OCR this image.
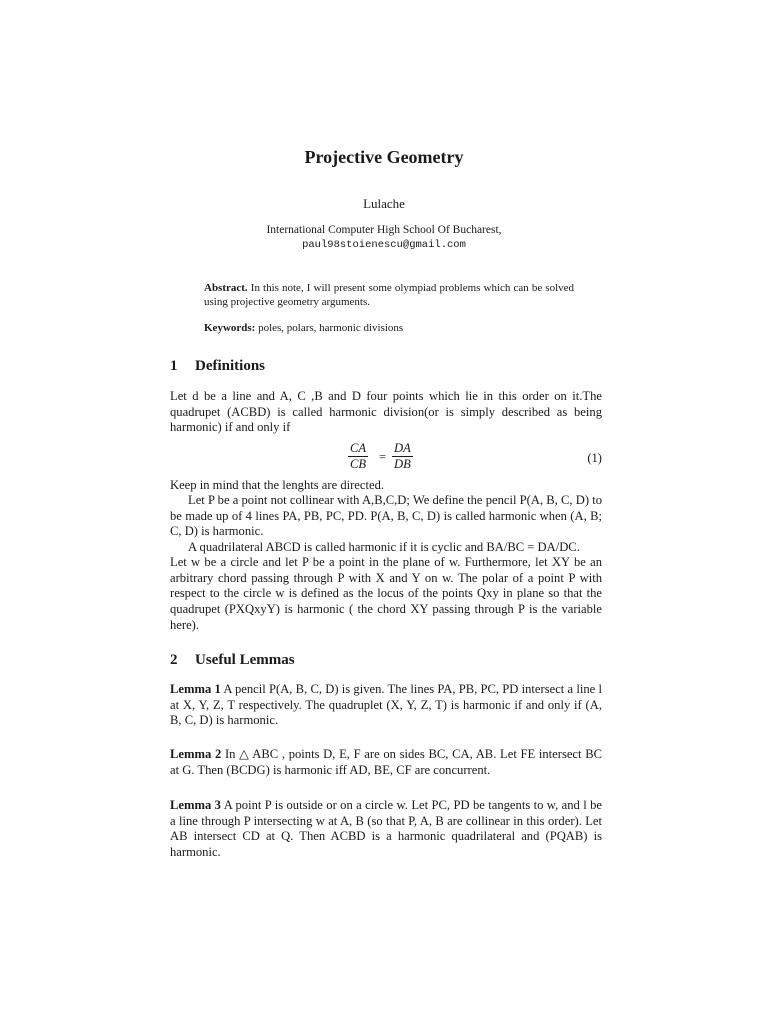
Projective Geometry
Lulache
International Computer High School Of Bucharest,
paul98stoienescu@gmail.com
Abstract. In this note, I will present some olympiad problems which can be solved using projective geometry arguments.
Keywords: poles, polars, harmonic divisions
1 Definitions
Let d be a line and A, C ,B and D four points which lie in this order on it.The quadrupet (ACBD) is called harmonic division(or is simply described as being harmonic) if and only if
$\frac{CA}{CB} = \frac{DA}{DB}$	(1)
Keep in mind that the lenghts are directed.
Let P be a point not collinear with A,B,C,D; We define the pencil P(A, B, C, D) to be made up of 4 lines PA, PB, PC, PD. P(A, B, C, D) is called harmonic when (A, B; C, D) is harmonic.
A quadrilateral ABCD is called harmonic if it is cyclic and BA/BC = DA/DC.
Let w be a circle and let P be a point in the plane of w. Furthermore, let XY be an arbitrary chord passing through P with X and Y on w. The polar of a point P with respect to the circle w is defined as the locus of the points Qxy in plane so that the quadrupet (PXQxyY) is harmonic ( the chord XY passing through P is the variable here).
2 Useful Lemmas
Lemma 1 A pencil P(A, B, C, D) is given. The lines PA, PB, PC, PD intersect a line l at X, Y, Z, T respectively. The quadruplet (X, Y, Z, T) is harmonic if and only if (A, B, C, D) is harmonic.
Lemma 2 In △ ABC , points D, E, F are on sides BC, CA, AB. Let FE intersect BC at G. Then (BCDG) is harmonic iff AD, BE, CF are concurrent.
Lemma 3 A point P is outside or on a circle w. Let PC, PD be tangents to w, and l be a line through P intersecting w at A, B (so that P, A, B are collinear in this order). Let AB intersect CD at Q. Then ACBD is a harmonic quadrilateral and (PQAB) is harmonic.
